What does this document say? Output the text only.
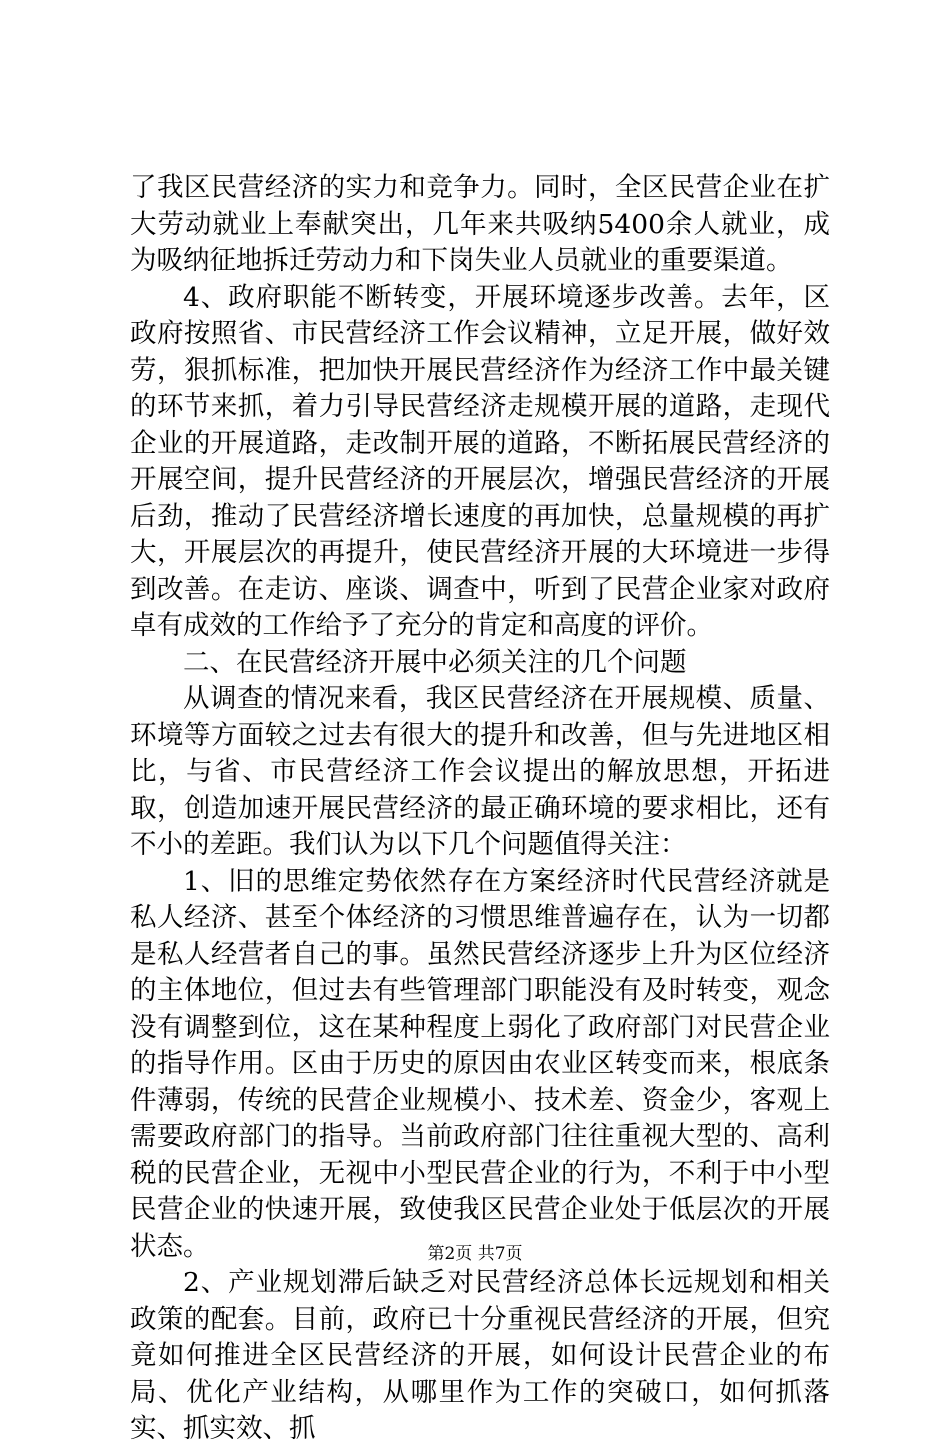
了我区民营经济的实力和竞争力。同时，全区民营企业在扩大劳动就业上奉献突出，几年来共吸纳5400余人就业，成为吸纳征地拆迁劳动力和下岗失业人员就业的重要渠道。

4、政府职能不断转变，开展环境逐步改善。去年，区政府按照省、市民营经济工作会议精神，立足开展，做好效劳，狠抓标准，把加快开展民营经济作为经济工作中最关键的环节来抓，着力引导民营经济走规模开展的道路，走现代企业的开展道路，走改制开展的道路，不断拓展民营经济的开展空间，提升民营经济的开展层次，增强民营经济的开展后劲，推动了民营经济增长速度的再加快，总量规模的再扩大，开展层次的再提升，使民营经济开展的大环境进一步得到改善。在走访、座谈、调查中，听到了民营企业家对政府卓有成效的工作给予了充分的肯定和高度的评价。

二、在民营经济开展中必须关注的几个问题

从调查的情况来看，我区民营经济在开展规模、质量、环境等方面较之过去有很大的提升和改善，但与先进地区相比，与省、市民营经济工作会议提出的解放思想，开拓进取，创造加速开展民营经济的最正确环境的要求相比，还有不小的差距。我们认为以下几个问题值得关注：

1、旧的思维定势依然存在方案经济时代民营经济就是私人经济、甚至个体经济的习惯思维普遍存在，认为一切都是私人经营者自己的事。虽然民营经济逐步上升为区位经济的主体地位，但过去有些管理部门职能没有及时转变，观念没有调整到位，这在某种程度上弱化了政府部门对民营企业的指导作用。区由于历史的原因由农业区转变而来，根底条件薄弱，传统的民营企业规模小、技术差、资金少，客观上需要政府部门的指导。当前政府部门往往重视大型的、高利税的民营企业，无视中小型民营企业的行为，不利于中小型民营企业的快速开展，致使我区民营企业处于低层次的开展状态。

2、产业规划滞后缺乏对民营经济总体长远规划和相关政策的配套。目前，政府已十分重视民营经济的开展，但究竟如何推进全区民营经济的开展，如何设计民营企业的布局、优化产业结构，从哪里作为工作的突破口，如何抓落实、抓实效、抓

第2页 共7页
